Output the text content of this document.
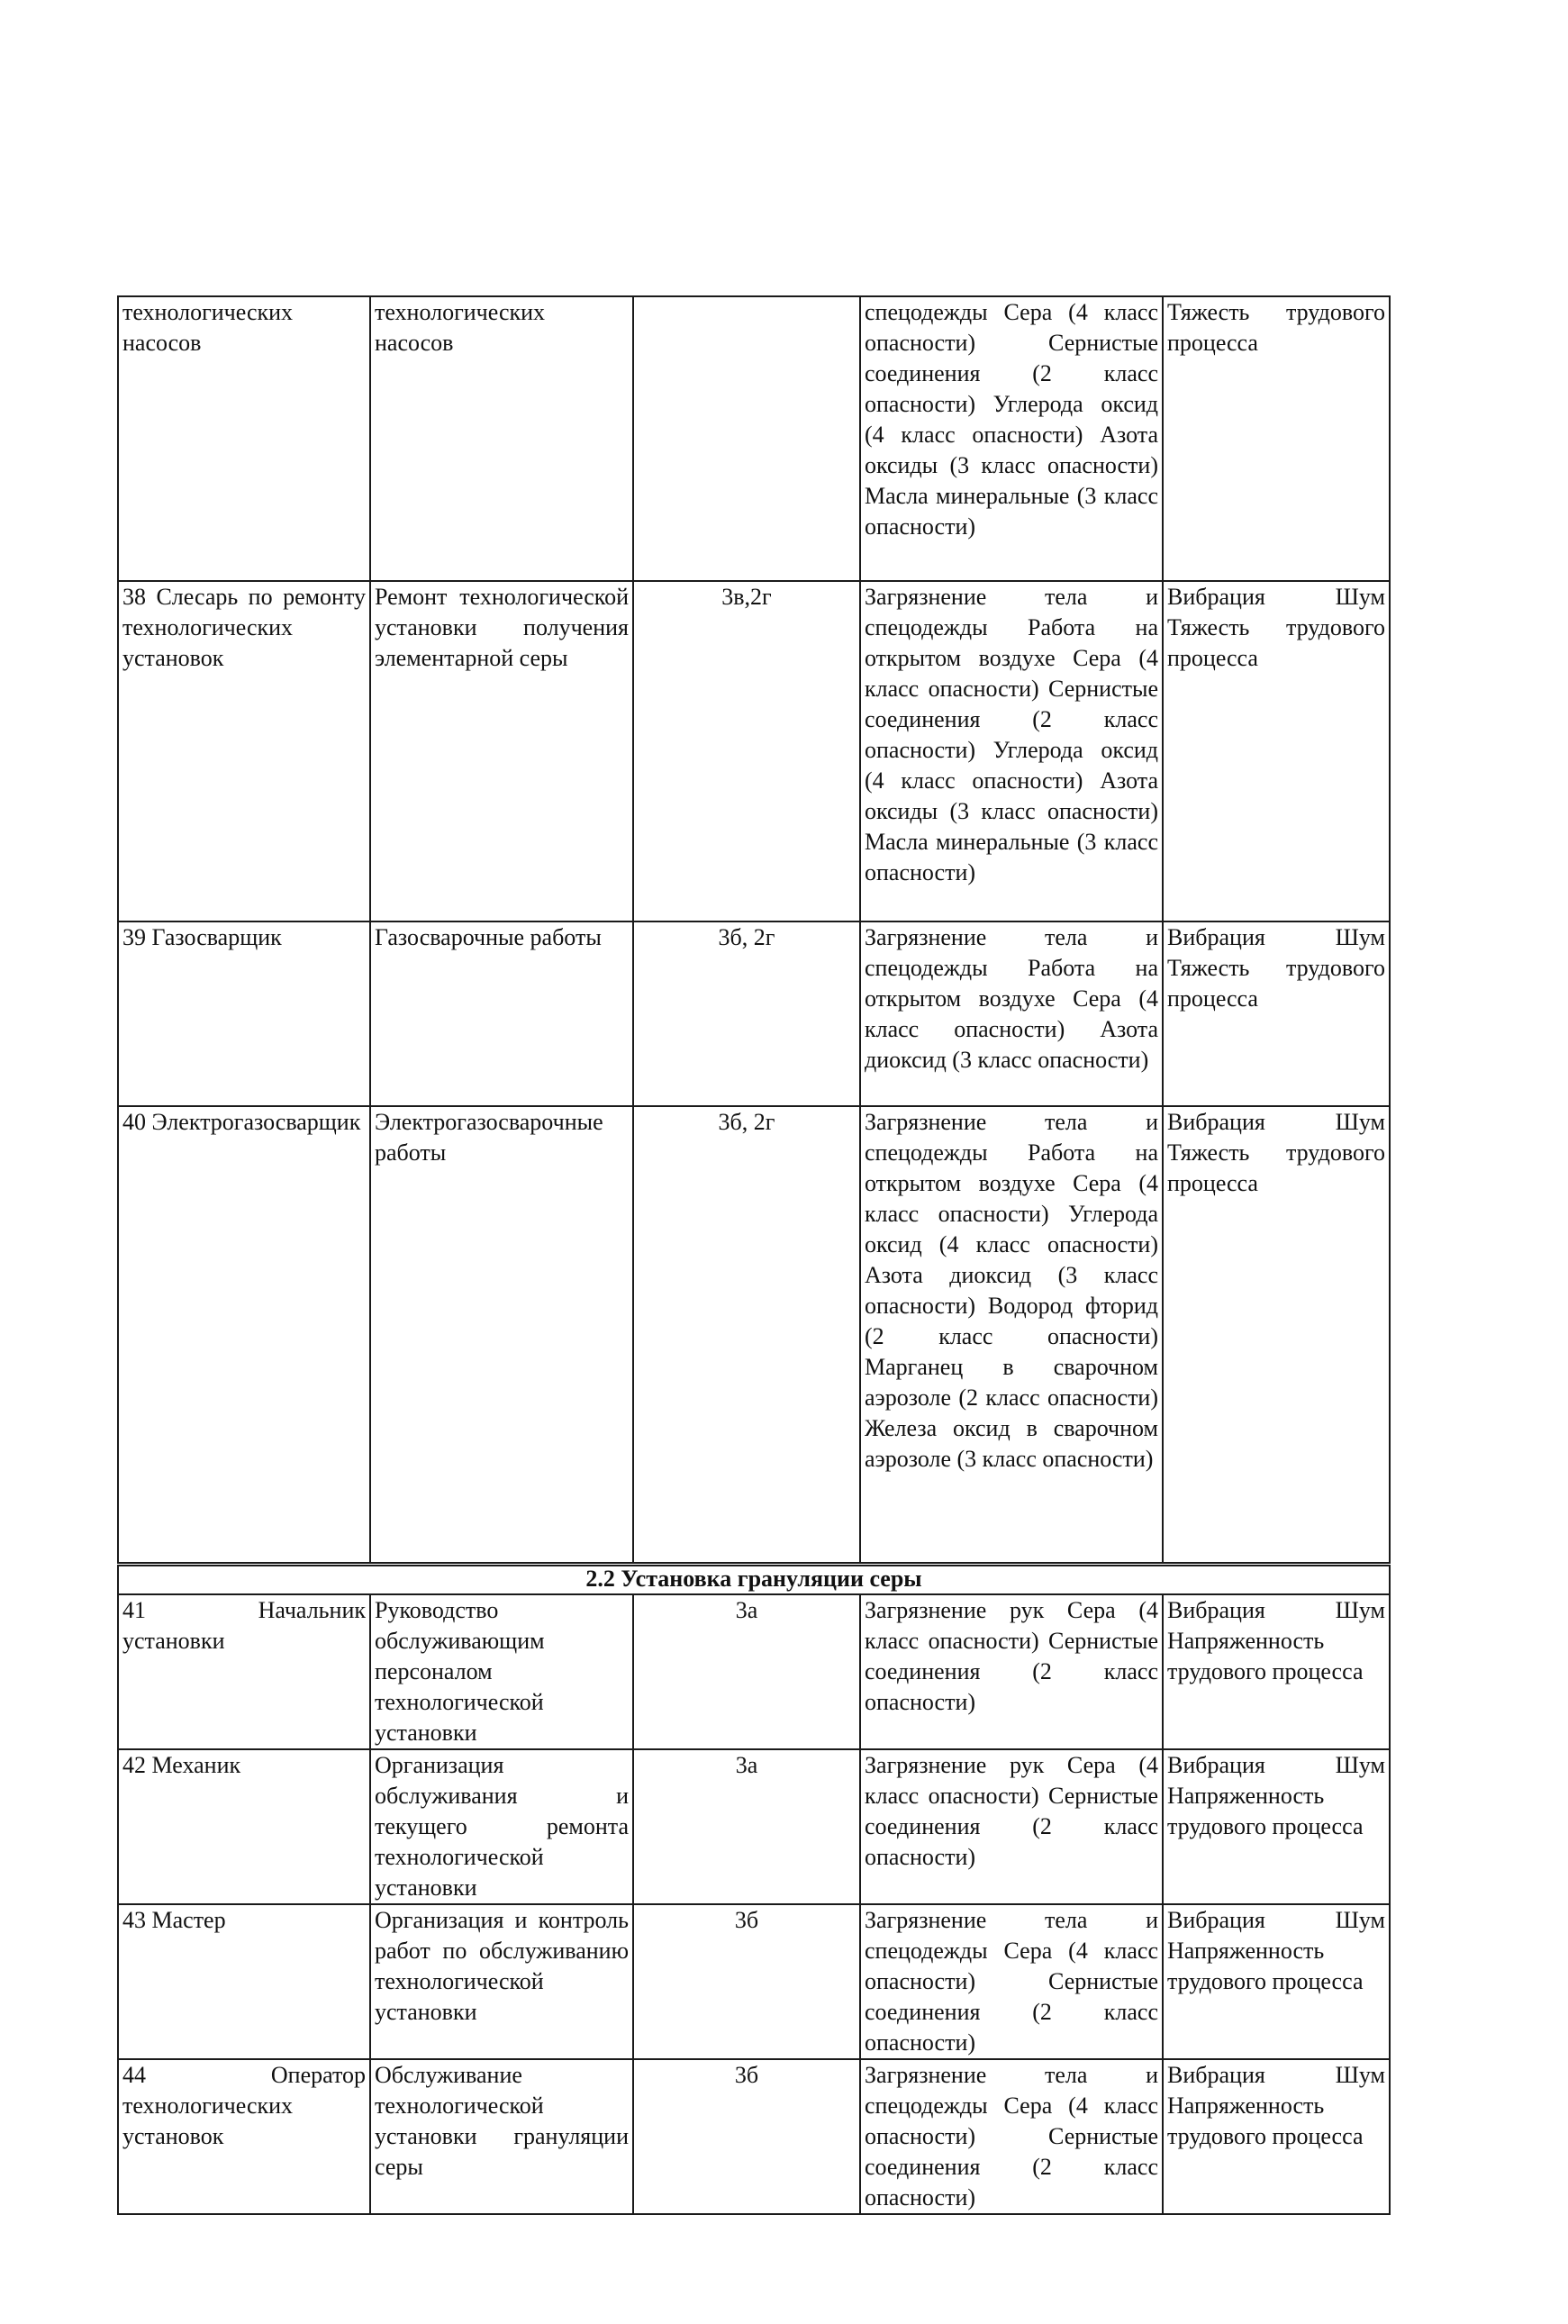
технологических насосов	технологических насосов		спецодежды Сера (4 класс опасности) Сернистые соединения (2 класс опасности) Углерода оксид (4 класс опасности) Азота оксиды (3 класс опасности) Масла минеральные (3 класс опасности)	Тяжесть трудового процесса
38 Слесарь по ремонту технологических установок	Ремонт технологической установки получения элементарной серы	3в,2г	Загрязнение тела и спецодежды Работа на открытом воздухе Сера (4 класс опасности) Сернистые соединения (2 класс опасности) Углерода оксид (4 класс опасности) Азота оксиды (3 класс опасности) Масла минеральные (3 класс опасности)	Вибрация Шум Тяжесть трудового процесса
39 Газосварщик	Газосварочные работы	3б, 2г	Загрязнение тела и спецодежды Работа на открытом воздухе Сера (4 класс опасности) Азота диоксид (3 класс опасности)	Вибрация Шум Тяжесть трудового процесса
40 Электрогазосварщик	Электрогазосварочные работы	3б, 2г	Загрязнение тела и спецодежды Работа на открытом воздухе Сера (4 класс опасности) Углерода оксид (4 класс опасности) Азота диоксид (3 класс опасности) Водород фторид (2 класс опасности) Марганец в сварочном аэрозоле (2 класс опасности) Железа оксид в сварочном аэрозоле (3 класс опасности)	Вибрация Шум Тяжесть трудового процесса
2.2 Установка грануляции серы				
41 Начальник установки	Руководство обслуживающим персоналом технологической установки	3а	Загрязнение рук Сера (4 класс опасности) Сернистые соединения (2 класс опасности)	Вибрация Шум Напряженность трудового процесса
42 Механик	Организация обслуживания и текущего ремонта технологической установки	3а	Загрязнение рук Сера (4 класс опасности) Сернистые соединения (2 класс опасности)	Вибрация Шум Напряженность трудового процесса
43 Мастер	Организация и контроль работ по обслуживанию технологической установки	3б	Загрязнение тела и спецодежды Сера (4 класс опасности) Сернистые соединения (2 класс опасности)	Вибрация Шум Напряженность трудового процесса
44 Оператор технологических установок	Обслуживание технологической установки грануляции серы	3б	Загрязнение тела и спецодежды Сера (4 класс опасности) Сернистые соединения (2 класс опасности)	Вибрация Шум Напряженность трудового процесса
